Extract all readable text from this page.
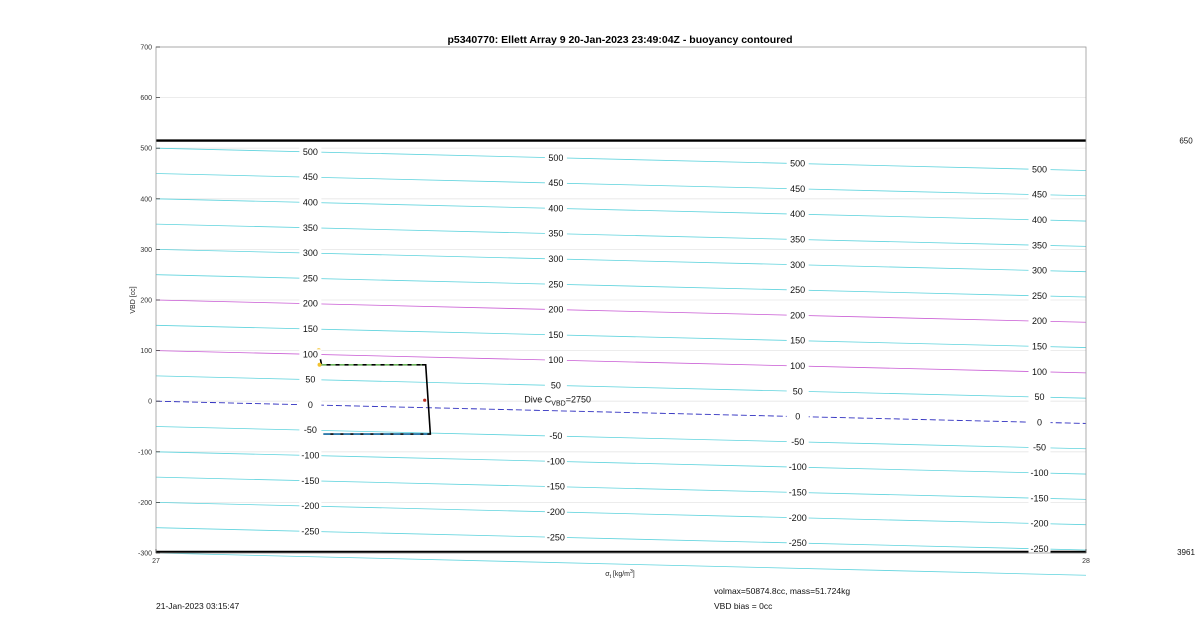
650
3961
Dive $C_{VBD}=2750$
500
450
400
350
300
250
200
150
100
50
0
-50
-100
-150
-200
-250
500
450
400
350
300
250
200
150
100
50
-50
-100
-150
-200
-250
500
450
400
350
300
250
200
150
100
50
0
-50
-100
-150
-200
-250
500
450
400
350
300
250
200
150
100
50
0
-50
-100
-150
-200
-250
-300
-200
-100
0
100
200
300
400
500
600
700
27	28
p5340770: Ellett Array 9 20-Jan-2023 23:49:04Z - buoyancy contoured
VBD [cc]
$\sigma_t$ $[kg/m^3]$
21-Jan-2023 03:15:47
volmax=50874.8cc, mass=51.724kg
VBD bias = 0cc
